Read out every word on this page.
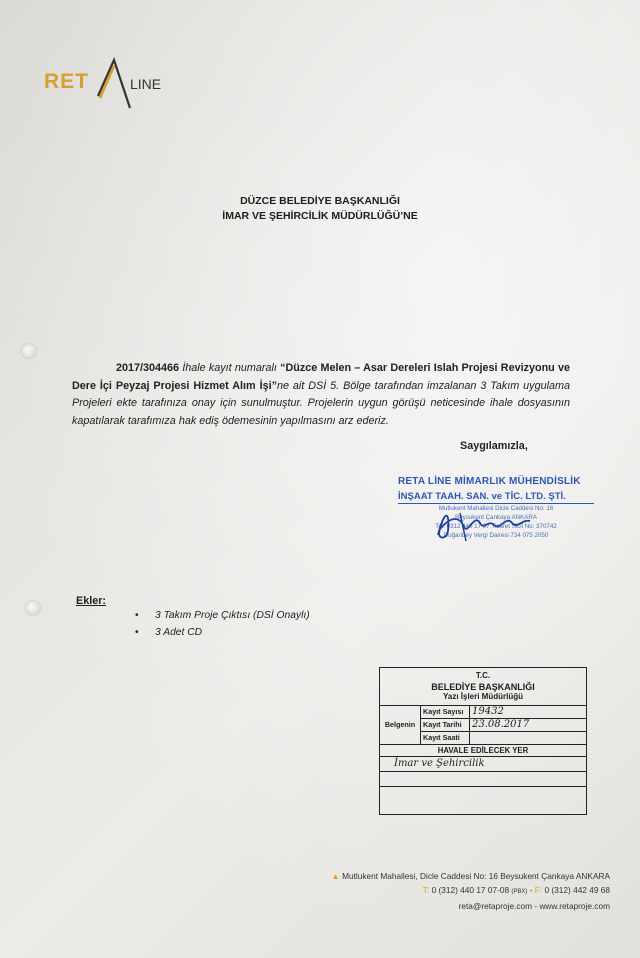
RET	LINE
DÜZCE BELEDİYE BAŞKANLIĞI
İMAR VE ŞEHİRCİLİK MÜDÜRLÜĞÜ’NE
2017/304466 İhale kayıt numaralı “Düzce Melen – Asar Dereleri Islah Projesi Revizyonu ve Dere İçi Peyzaj Projesi Hizmet Alım İşi”ne ait DSİ 5. Bölge tarafından imzalanan 3 Takım uygulama Projeleri ekte tarafınıza onay için sunulmuştur. Projelerin uygun görüşü neticesinde ihale dosyasının kapatılarak tarafımıza hak ediş ödemesinin yapılmasını arz ederiz.
Saygılamızla,
RETA LİNE MİMARLIK MÜHENDİSLİK
İNŞAAT TAAH. SAN. ve TİC. LTD. ŞTİ.
Mutlukent Mahallesi Dicle Caddesi No: 16
Beysukent Çankaya ANKARA
Tel: 0312 440 17 07 Ticaret Sicil No: 370742
Doğanbey Vergi Dairesi 734 075 2050
Ekler:
• 3 Takım Proje Çıktısı (DSİ Onaylı)
• 3 Adet CD
T.C.
BELEDİYE BAŞKANLIĞI
Yazı İşleri Müdürlüğü
Belgenin	Kayıt Sayısı	19432
	Kayıt Tarihi	23.08.2017
	Kayıt Saati	
HAVALE EDİLECEK YER
İmar ve Şehircilik
▲ Mutlukent Mahallesi, Dicle Caddesi No: 16 Beysukent Çankaya ANKARA
T: 0 (312) 440 17 07-08 (PBX) - F: 0 (312) 442 49 68
reta@retaproje.com - www.retaproje.com
